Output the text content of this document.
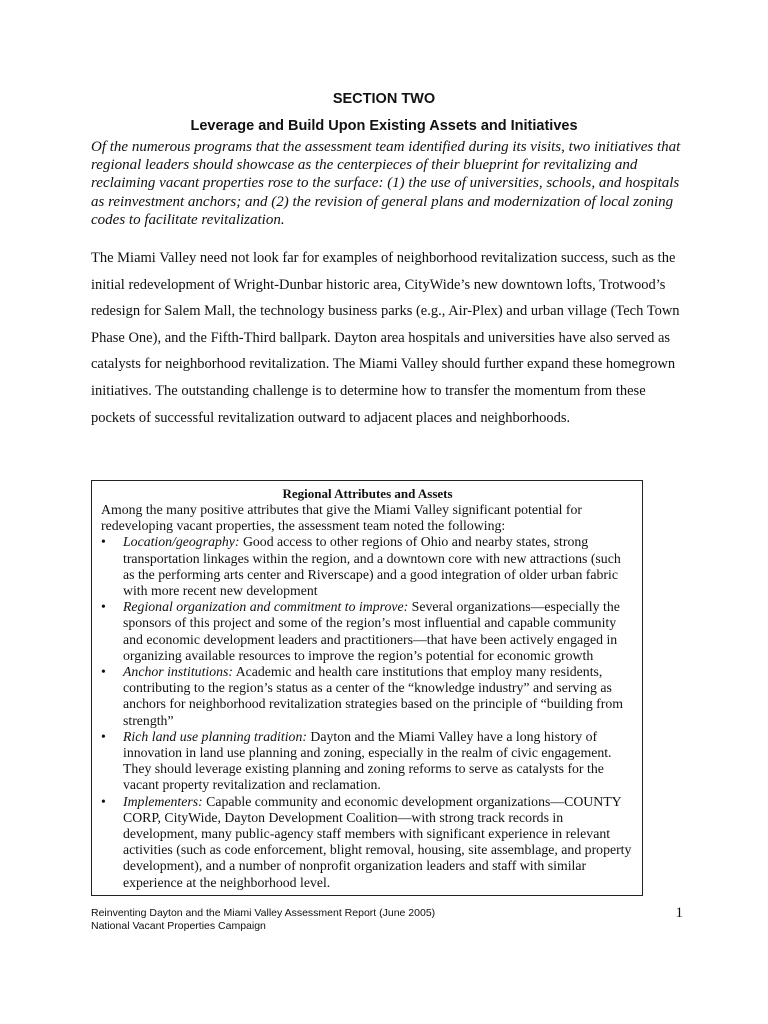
SECTION TWO
Leverage and Build Upon Existing Assets and Initiatives

Of the numerous programs that the assessment team identified during its visits, two initiatives that regional leaders should showcase as the centerpieces of their blueprint for revitalizing and reclaiming vacant properties rose to the surface: (1) the use of universities, schools, and hospitals as reinvestment anchors; and (2) the revision of general plans and modernization of local zoning codes to facilitate revitalization.

The Miami Valley need not look far for examples of neighborhood revitalization success, such as the initial redevelopment of Wright-Dunbar historic area, CityWide’s new downtown lofts, Trotwood’s redesign for Salem Mall, the technology business parks (e.g., Air-Plex) and urban village (Tech Town Phase One), and the Fifth-Third ballpark. Dayton area hospitals and universities have also served as catalysts for neighborhood revitalization. The Miami Valley should further expand these homegrown initiatives. The outstanding challenge is to determine how to transfer the momentum from these pockets of successful revitalization outward to adjacent places and neighborhoods.

Regional Attributes and Assets

Among the many positive attributes that give the Miami Valley significant potential for redeveloping vacant properties, the assessment team noted the following:

• Location/geography: Good access to other regions of Ohio and nearby states, strong transportation linkages within the region, and a downtown core with new attractions (such as the performing arts center and Riverscape) and a good integration of older urban fabric with more recent new development
• Regional organization and commitment to improve: Several organizations—especially the sponsors of this project and some of the region’s most influential and capable community and economic development leaders and practitioners—that have been actively engaged in organizing available resources to improve the region’s potential for economic growth
• Anchor institutions: Academic and health care institutions that employ many residents, contributing to the region’s status as a center of the “knowledge industry” and serving as anchors for neighborhood revitalization strategies based on the principle of “building from strength”
• Rich land use planning tradition: Dayton and the Miami Valley have a long history of innovation in land use planning and zoning, especially in the realm of civic engagement. They should leverage existing planning and zoning reforms to serve as catalysts for the vacant property revitalization and reclamation.
• Implementers: Capable community and economic development organizations—COUNTY CORP, CityWide, Dayton Development Coalition—with strong track records in development, many public-agency staff members with significant experience in relevant activities (such as code enforcement, blight removal, housing, site assemblage, and property development), and a number of nonprofit organization leaders and staff with similar experience at the neighborhood level.
Reinventing Dayton and the Miami Valley Assessment Report (June 2005)
National Vacant Properties Campaign
1
